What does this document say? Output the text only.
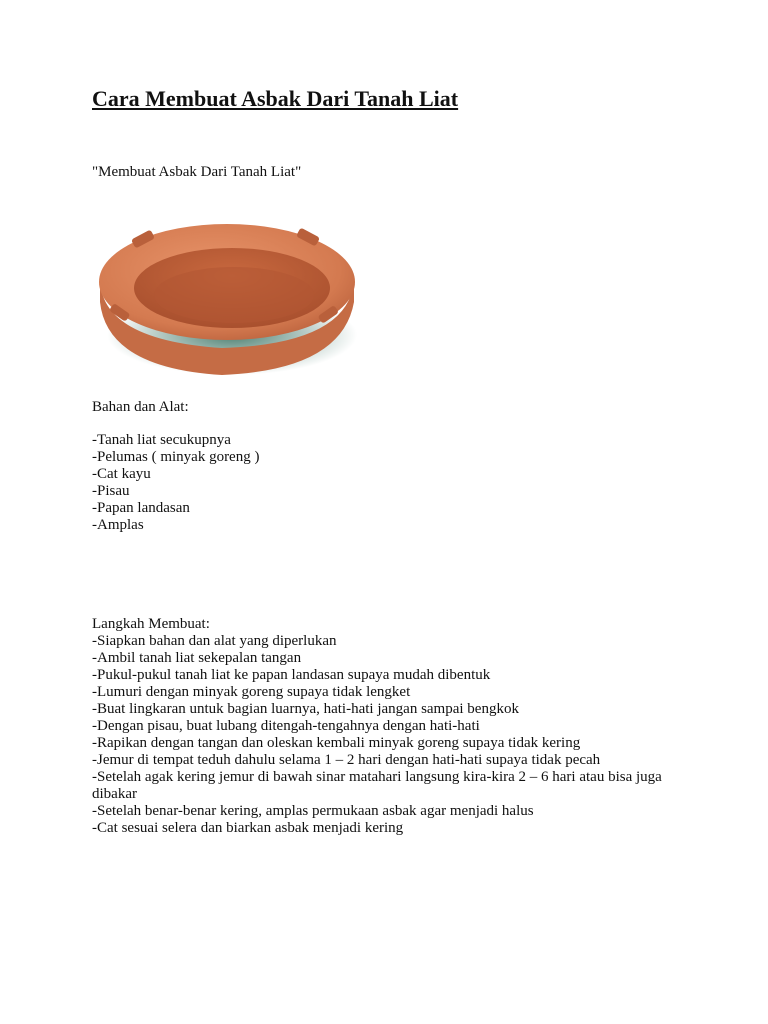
Cara Membuat Asbak Dari Tanah Liat
"Membuat Asbak Dari Tanah Liat"
Bahan dan Alat:
-Tanah liat secukupnya
-Pelumas ( minyak goreng )
-Cat kayu
-Pisau
-Papan landasan
-Amplas
Langkah Membuat:
-Siapkan bahan dan alat yang diperlukan
-Ambil tanah liat sekepalan tangan
-Pukul-pukul tanah liat ke papan landasan supaya mudah dibentuk
-Lumuri dengan minyak goreng supaya tidak lengket
-Buat lingkaran untuk bagian luarnya, hati-hati jangan sampai bengkok
-Dengan pisau, buat lubang ditengah-tengahnya dengan hati-hati
-Rapikan dengan tangan dan oleskan kembali minyak goreng supaya tidak kering
-Jemur di tempat teduh dahulu selama 1 – 2 hari dengan hati-hati supaya tidak pecah
-Setelah agak kering jemur di bawah sinar matahari langsung kira-kira 2 – 6 hari atau bisa juga dibakar
-Setelah benar-benar kering, amplas permukaan asbak agar menjadi halus
-Cat sesuai selera dan biarkan asbak menjadi kering
